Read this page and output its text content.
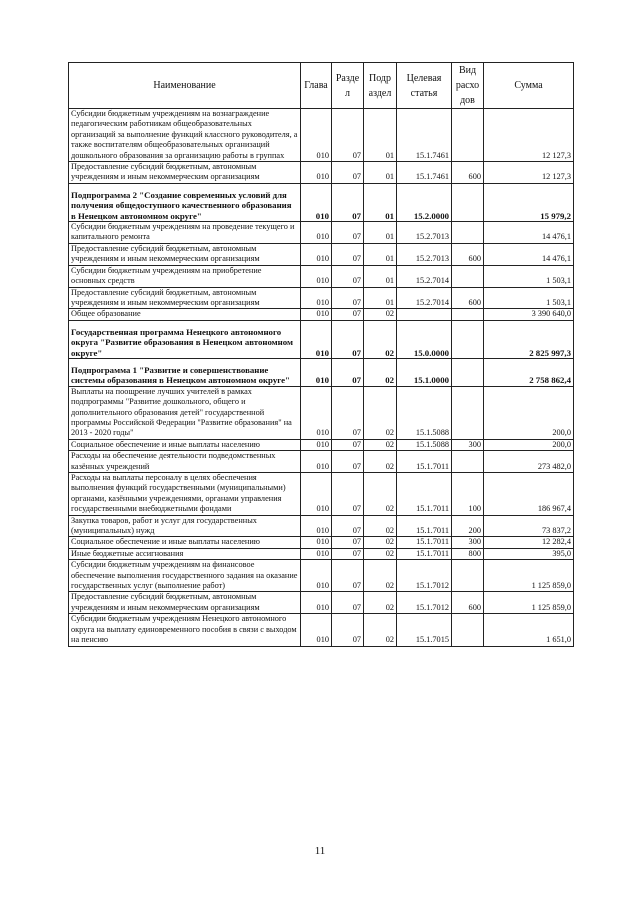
Наименование	Глава	Разде л	Подр аздел	Целевая статья	Вид расхо дов	Сумма
Субсидии бюджетным учреждениям на вознаграждение педагогическим работникам общеобразовательных организаций за выполнение функций классного руководителя, а также воспитателям общеобразовательных организаций дошкольного образования за организацию работы в группах	010	07	01	15.1.7461		12 127,3
Предоставление субсидий бюджетным, автономным учреждениям и иным некоммерческим организациям	010	07	01	15.1.7461	600	12 127,3
Подпрограмма 2 "Создание современных условий для получения общедоступного качественного образования в Ненецком автономном округе"	010	07	01	15.2.0000		15 979,2
Субсидии бюджетным учреждениям на проведение текущего и капитального ремонта	010	07	01	15.2.7013		14 476,1
Предоставление субсидий бюджетным, автономным учреждениям и иным некоммерческим организациям	010	07	01	15.2.7013	600	14 476,1
Субсидии бюджетным учреждениям на приобретение основных средств	010	07	01	15.2.7014		1 503,1
Предоставление субсидий бюджетным, автономным учреждениям и иным некоммерческим организациям	010	07	01	15.2.7014	600	1 503,1
Общее образование	010	07	02			3 390 640,0
Государственная программа Ненецкого автономного округа "Развитие образования в Ненецком автономном округе"	010	07	02	15.0.0000		2 825 997,3
Подпрограмма 1 "Развитие и совершенствование системы образования в Ненецком автономном округе"	010	07	02	15.1.0000		2 758 862,4
Выплаты на поощрение лучших учителей в рамках подпрограммы "Развитие дошкольного, общего и дополнительного образования детей" государственной программы Российской Федерации "Развитие образования" на 2013 - 2020 годы"	010	07	02	15.1.5088		200,0
Социальное обеспечение и иные выплаты населению	010	07	02	15.1.5088	300	200,0
Расходы на обеспечение деятельности подведомственных казённых учреждений	010	07	02	15.1.7011		273 482,0
Расходы на выплаты персоналу в целях обеспечения выполнения функций государственными (муниципальными) органами, казёнными учреждениями, органами управления государственными внебюджетными фондами	010	07	02	15.1.7011	100	186 967,4
Закупка товаров, работ и услуг для государственных (муниципальных) нужд	010	07	02	15.1.7011	200	73 837,2
Социальное обеспечение и иные выплаты населению	010	07	02	15.1.7011	300	12 282,4
Иные бюджетные ассигнования	010	07	02	15.1.7011	800	395,0
Субсидии бюджетным учреждениям на финансовое обеспечение выполнения государственного задания на оказание государственных услуг (выполнение работ)	010	07	02	15.1.7012		1 125 859,0
Предоставление субсидий бюджетным, автономным учреждениям и иным некоммерческим организациям	010	07	02	15.1.7012	600	1 125 859,0
Субсидии бюджетным учреждениям Ненецкого автономного округа на выплату единовременного пособия в связи с выходом на пенсию	010	07	02	15.1.7015		1 651,0
11
